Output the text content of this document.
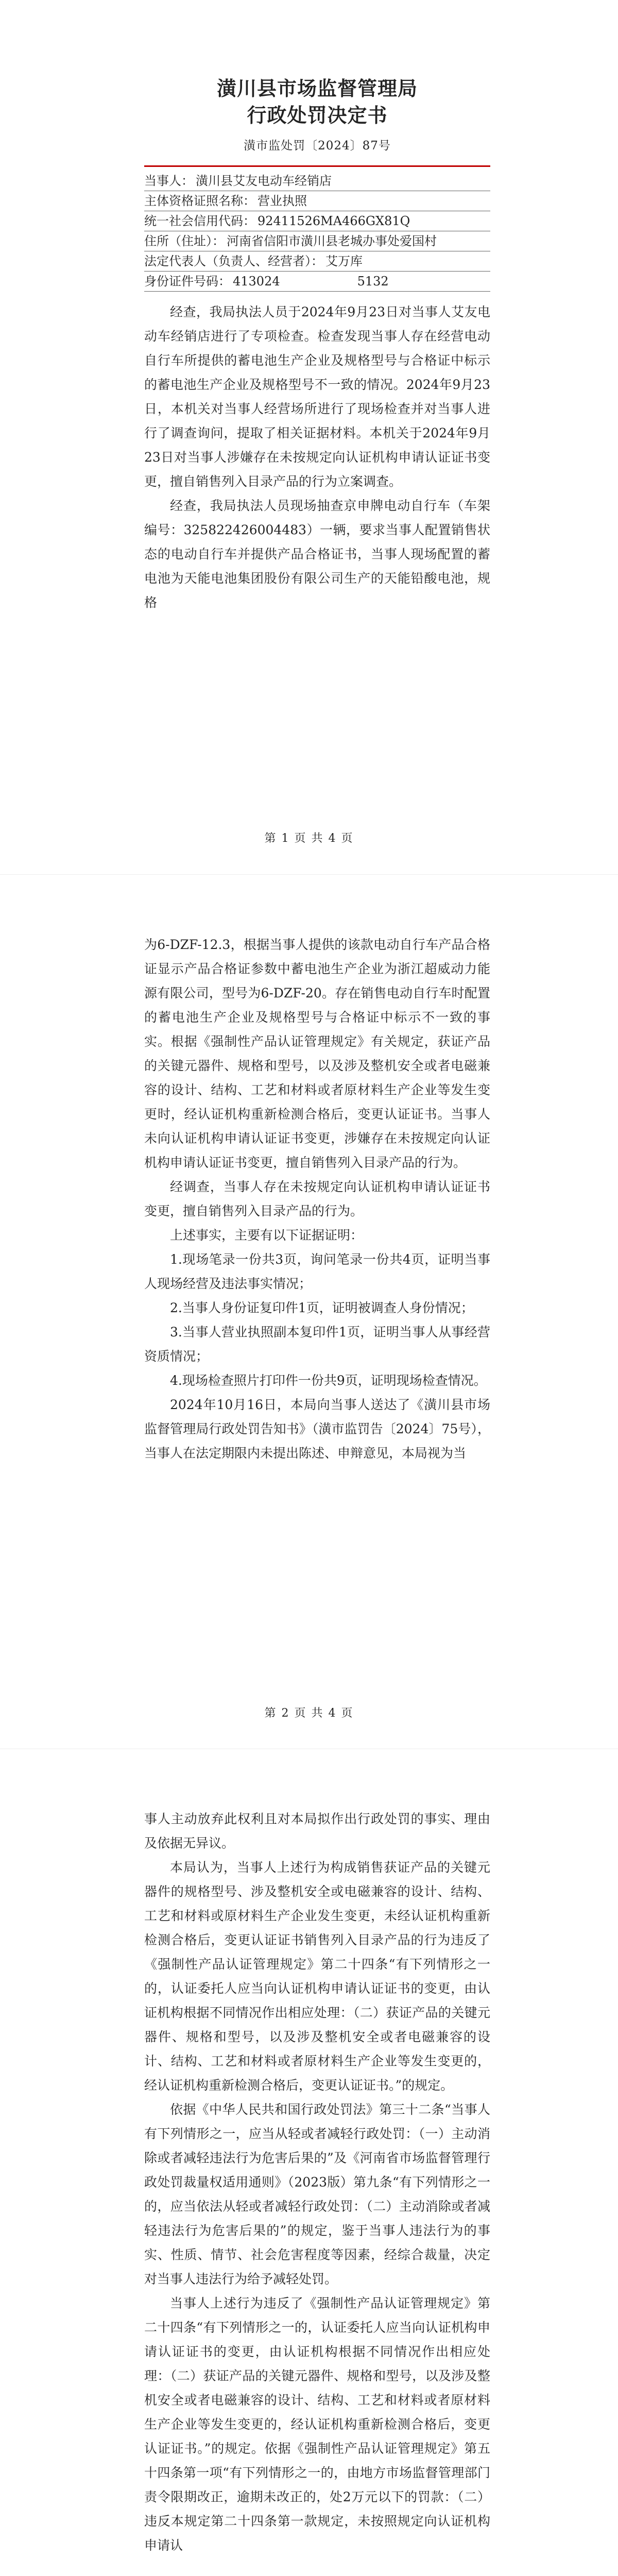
潢川县市场监督管理局
行政处罚决定书
潢市监处罚〔2024〕87号
当事人： 潢川县艾友电动车经销店
主体资格证照名称： 营业执照
统一社会信用代码： 92411526MA466GX81Q
住所（住址）： 河南省信阳市潢川县老城办事处爱国村
法定代表人（负责人、经营者）： 艾万库
身份证件号码： 413024	5132

经查，我局执法人员于2024年9月23日对当事人艾友电动车经销店进行了专项检查。检查发现当事人存在经营电动自行车所提供的蓄电池生产企业及规格型号与合格证中标示的蓄电池生产企业及规格型号不一致的情况。2024年9月23日，本机关对当事人经营场所进行了现场检查并对当事人进行了调查询问，提取了相关证据材料。本机关于2024年9月23日对当事人涉嫌存在未按规定向认证机构申请认证证书变更，擅自销售列入目录产品的行为立案调查。

经查，我局执法人员现场抽查京申牌电动自行车（车架编号：325822426004483）一辆，要求当事人配置销售状态的电动自行车并提供产品合格证书，当事人现场配置的蓄电池为天能电池集团股份有限公司生产的天能铅酸电池，规格

第 1 页 共 4 页

为6-DZF-12.3，根据当事人提供的该款电动自行车产品合格证显示产品合格证参数中蓄电池生产企业为浙江超威动力能源有限公司，型号为6-DZF-20。存在销售电动自行车时配置的蓄电池生产企业及规格型号与合格证中标示不一致的事实。根据《强制性产品认证管理规定》有关规定，获证产品的关键元器件、规格和型号，以及涉及整机安全或者电磁兼容的设计、结构、工艺和材料或者原材料生产企业等发生变更时，经认证机构重新检测合格后，变更认证证书。当事人未向认证机构申请认证证书变更，涉嫌存在未按规定向认证机构申请认证证书变更，擅自销售列入目录产品的行为。

经调查，当事人存在未按规定向认证机构申请认证证书变更，擅自销售列入目录产品的行为。

上述事实，主要有以下证据证明：

1.现场笔录一份共3页，询问笔录一份共4页，证明当事人现场经营及违法事实情况；

2.当事人身份证复印件1页，证明被调查人身份情况；

3.当事人营业执照副本复印件1页，证明当事人从事经营资质情况；

4.现场检查照片打印件一份共9页，证明现场检查情况。

2024年10月16日，本局向当事人送达了《潢川县市场监督管理局行政处罚告知书》（潢市监罚告〔2024〕75号），当事人在法定期限内未提出陈述、申辩意见，本局视为当

第 2 页 共 4 页

事人主动放弃此权利且对本局拟作出行政处罚的事实、理由及依据无异议。

本局认为，当事人上述行为构成销售获证产品的关键元器件的规格型号、涉及整机安全或电磁兼容的设计、结构、工艺和材料或原材料生产企业发生变更，未经认证机构重新检测合格后，变更认证证书销售列入目录产品的行为违反了《强制性产品认证管理规定》第二十四条“有下列情形之一的，认证委托人应当向认证机构申请认证证书的变更，由认证机构根据不同情况作出相应处理：（二）获证产品的关键元器件、规格和型号，以及涉及整机安全或者电磁兼容的设计、结构、工艺和材料或者原材料生产企业等发生变更的，经认证机构重新检测合格后，变更认证证书。”的规定。

依据《中华人民共和国行政处罚法》第三十二条“当事人有下列情形之一，应当从轻或者减轻行政处罚：（一）主动消除或者减轻违法行为危害后果的”及《河南省市场监督管理行政处罚裁量权适用通则》（2023版）第九条“有下列情形之一的，应当依法从轻或者减轻行政处罚：（二）主动消除或者减轻违法行为危害后果的”的规定，鉴于当事人违法行为的事实、性质、情节、社会危害程度等因素，经综合裁量，决定对当事人违法行为给予减轻处罚。

当事人上述行为违反了《强制性产品认证管理规定》第二十四条“有下列情形之一的，认证委托人应当向认证机构申请认证证书的变更，由认证机构根据不同情况作出相应处理：（二）获证产品的关键元器件、规格和型号，以及涉及整机安全或者电磁兼容的设计、结构、工艺和材料或者原材料生产企业等发生变更的，经认证机构重新检测合格后，变更认证证书。”的规定。依据《强制性产品认证管理规定》第五十四条第一项“有下列情形之一的，由地方市场监督管理部门责令限期改正，逾期未改正的，处2万元以下的罚款：（二）违反本规定第二十四条第一款规定，未按照规定向认证机构申请认
